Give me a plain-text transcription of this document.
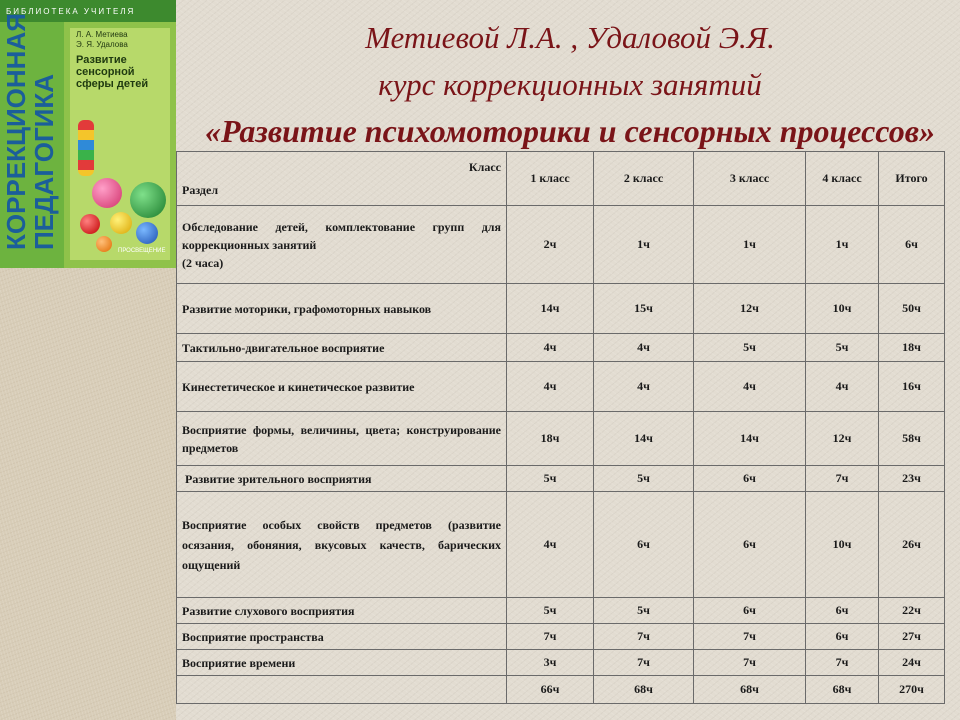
БИБЛИОТЕКА УЧИТЕЛЯ
КОРРЕКЦИОННАЯ
ПЕДАГОГИКА
Л. А. Метиева
Э. Я. Удалова
Развитие сенсорной сферы детей
ПРОСВЕЩЕНИЕ
Метиевой Л.А. , Удаловой Э.Я.
курс коррекционных занятий
«Развитие психомоторики и сенсорных процессов»
Класс
Раздел	1 класс	2 класс	3 класс	4 класс	Итого
Обследование детей, комплектование групп для коррекционных занятий
(2 часа)	2ч	1ч	1ч	1ч	6ч
Развитие моторики, графомоторных навыков	14ч	15ч	12ч	10ч	50ч
Тактильно-двигательное восприятие	4ч	4ч	5ч	5ч	18ч
Кинестетическое и кинетическое развитие	4ч	4ч	4ч	4ч	16ч
Восприятие формы, величины, цвета; конструирование предметов	18ч	14ч	14ч	12ч	58ч
Развитие зрительного восприятия	5ч	5ч	6ч	7ч	23ч
Восприятие особых свойств предметов (развитие осязания, обоняния, вкусовых качеств, барических ощущений	4ч	6ч	6ч	10ч	26ч
Развитие слухового восприятия	5ч	5ч	6ч	6ч	22ч
Восприятие пространства	7ч	7ч	7ч	6ч	27ч
Восприятие времени	3ч	7ч	7ч	7ч	24ч
	66ч	68ч	68ч	68ч	270ч
